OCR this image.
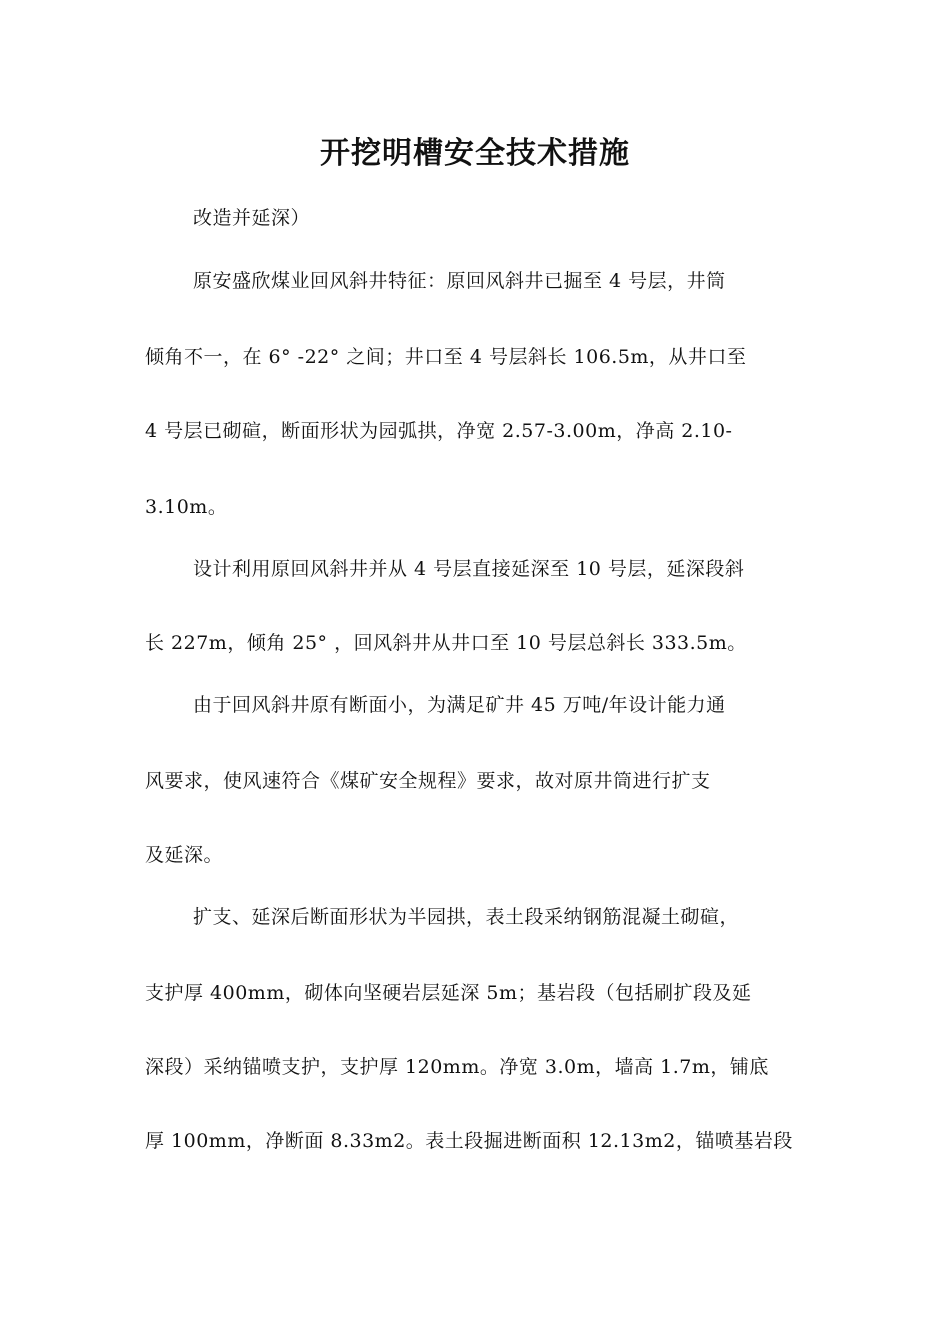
开挖明槽安全技术措施
改造并延深）
原安盛欣煤业回风斜井特征：原回风斜井已掘至 4 号层，井筒
倾角不一，在 6° -22° 之间；井口至 4 号层斜长 106.5m，从井口至
4 号层已砌碹，断面形状为园弧拱，净宽 2.57-3.00m，净高 2.10-
3.10m。
设计利用原回风斜井并从 4 号层直接延深至 10 号层，延深段斜
长 227m，倾角 25° ，回风斜井从井口至 10 号层总斜长 333.5m。
由于回风斜井原有断面小，为满足矿井 45 万吨/年设计能力通
风要求，使风速符合《煤矿安全规程》要求，故对原井筒进行扩支
及延深。
扩支、延深后断面形状为半园拱，表土段采纳钢筋混凝土砌碹，
支护厚 400mm，砌体向坚硬岩层延深 5m；基岩段（包括刷扩段及延
深段）采纳锚喷支护，支护厚 120mm。净宽 3.0m，墙高 1.7m，铺底
厚 100mm，净断面 8.33m2。表土段掘进断面积 12.13m2，锚喷基岩段
